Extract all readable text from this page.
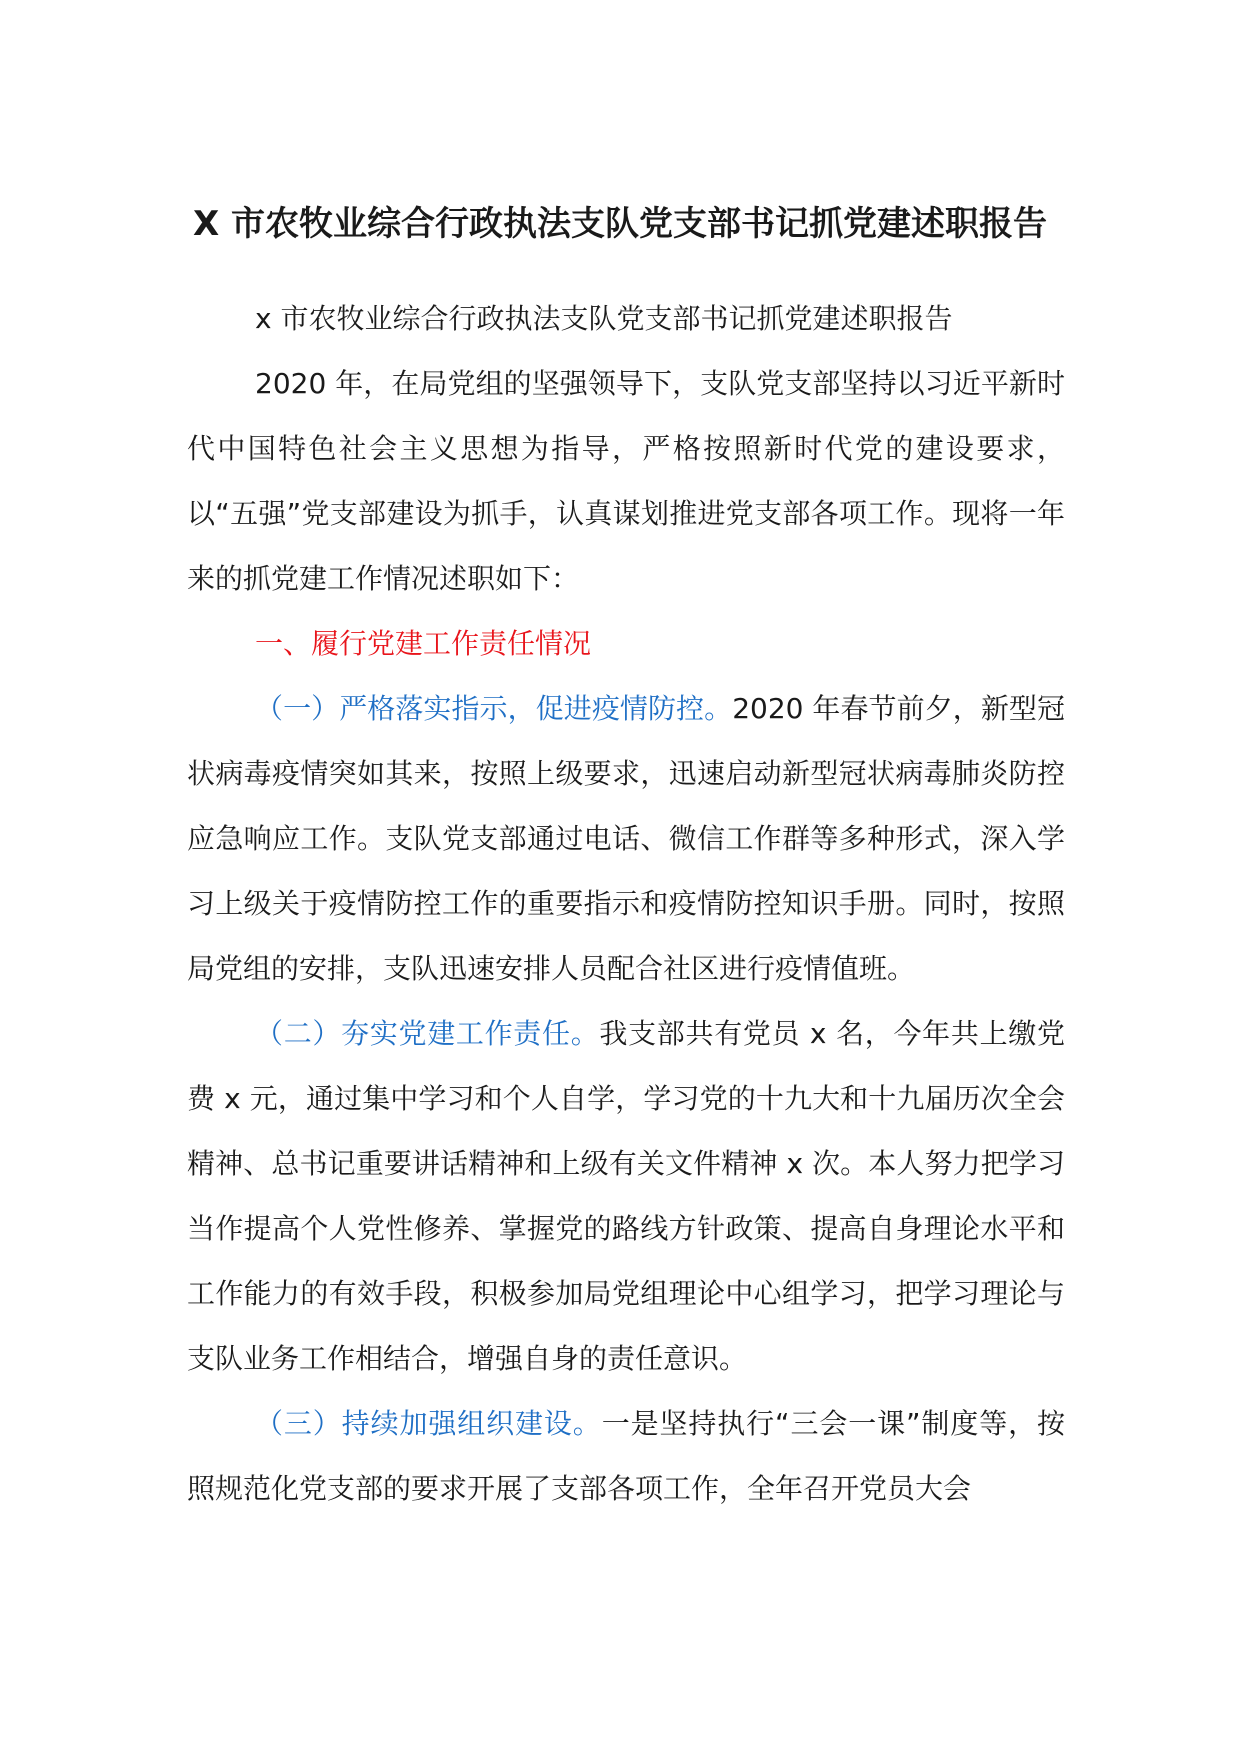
X 市农牧业综合行政执法支队党支部书记抓党建述职报告

x 市农牧业综合行政执法支队党支部书记抓党建述职报告

2020 年，在局党组的坚强领导下，支队党支部坚持以习近平新时代中国特色社会主义思想为指导，严格按照新时代党的建设要求，以“五强”党支部建设为抓手，认真谋划推进党支部各项工作。现将一年来的抓党建工作情况述职如下：

一、履行党建工作责任情况

（一）严格落实指示，促进疫情防控。2020 年春节前夕，新型冠状病毒疫情突如其来，按照上级要求，迅速启动新型冠状病毒肺炎防控应急响应工作。支队党支部通过电话、微信工作群等多种形式，深入学习上级关于疫情防控工作的重要指示和疫情防控知识手册。同时，按照局党组的安排，支队迅速安排人员配合社区进行疫情值班。

（二）夯实党建工作责任。我支部共有党员 x 名，今年共上缴党费 x 元，通过集中学习和个人自学，学习党的十九大和十九届历次全会精神、总书记重要讲话精神和上级有关文件精神 x 次。本人努力把学习当作提高个人党性修养、掌握党的路线方针政策、提高自身理论水平和工作能力的有效手段，积极参加局党组理论中心组学习，把学习理论与支队业务工作相结合，增强自身的责任意识。

（三）持续加强组织建设。一是坚持执行“三会一课”制度等，按照规范化党支部的要求开展了支部各项工作，全年召开党员大会
